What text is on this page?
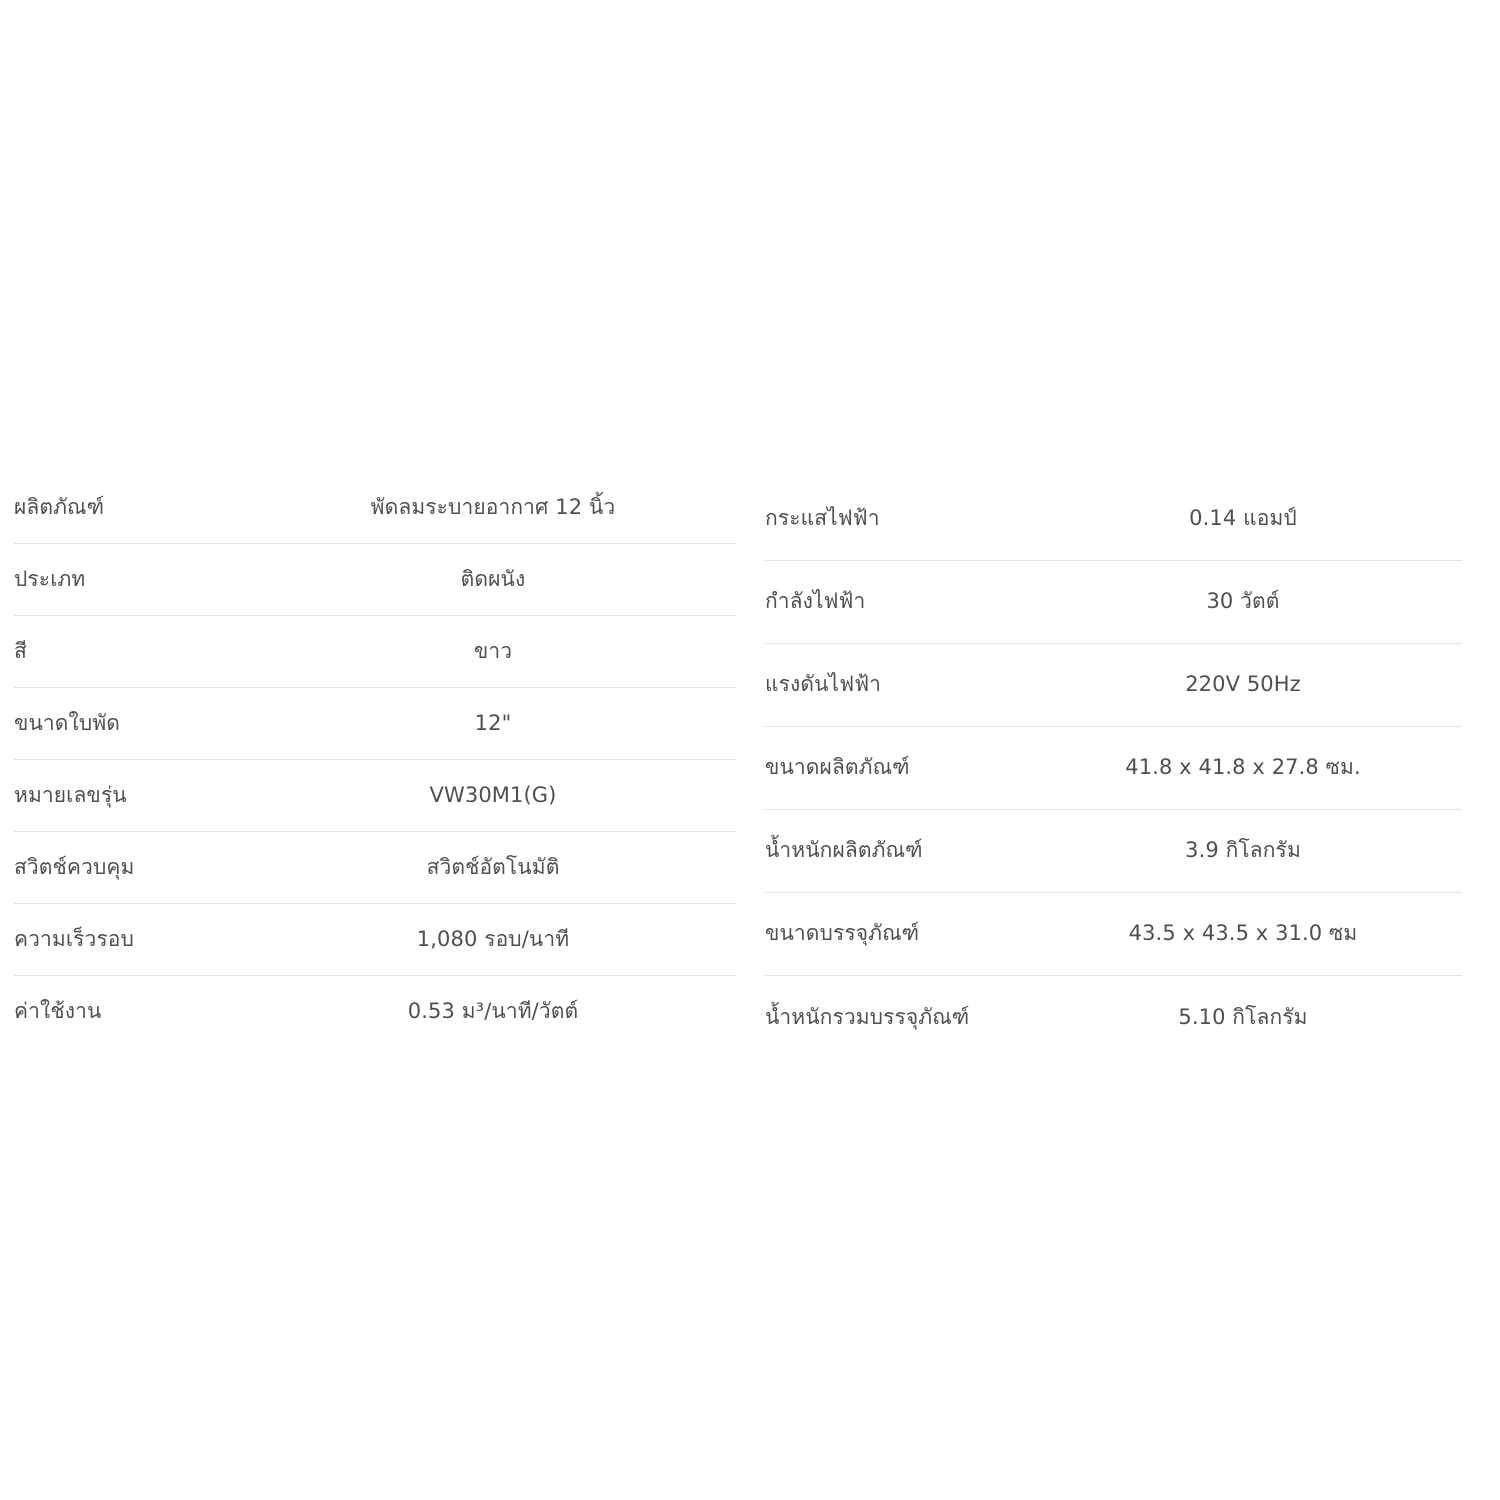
ผลิตภัณฑ์	พัดลมระบายอากาศ 12 นิ้ว
ประเภท	ติดผนัง
สี	ขาว
ขนาดใบพัด	12"
หมายเลขรุ่น	VW30M1(G)
สวิตช์ควบคุม	สวิตช์อัตโนมัติ
ความเร็วรอบ	1,080 รอบ/นาที
ค่าใช้งาน	0.53 ม³/นาที/วัตต์
กระแสไฟฟ้า	0.14 แอมป์
กำลังไฟฟ้า	30 วัตต์
แรงดันไฟฟ้า	220V 50Hz
ขนาดผลิตภัณฑ์	41.8 x 41.8 x 27.8 ซม.
น้ำหนักผลิตภัณฑ์	3.9 กิโลกรัม
ขนาดบรรจุภัณฑ์	43.5 x 43.5 x 31.0 ซม
น้ำหนักรวมบรรจุภัณฑ์	5.10 กิโลกรัม
